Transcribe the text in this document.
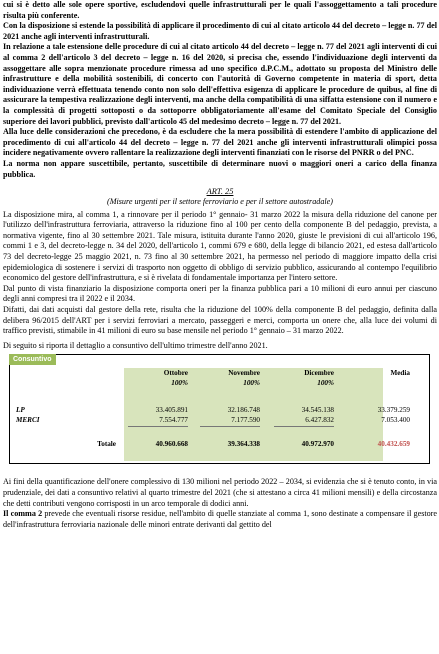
cui si è detto alle sole opere sportive, escludendovi quelle infrastrutturali per le quali l'assoggettamento a tali procedure risulta più conferente.

Con la disposizione si estende la possibilità di applicare il procedimento di cui al citato articolo 44 del decreto – legge n. 77 del 2021 anche agli interventi infrastrutturali.

In relazione a tale estensione delle procedure di cui al citato articolo 44 del decreto – legge n. 77 del 2021 agli interventi di cui al comma 2 dell'articolo 3 del decreto – legge n. 16 del 2020, si precisa che, essendo l'individuazione degli interventi da assoggettare alle sopra menzionate procedure rimessa ad uno specifico d.P.C.M., adottato su proposta del Ministro delle infrastrutture e della mobilità sostenibili, di concerto con l'autorità di Governo competente in materia di sport, detta individuazione verrà effettuata tenendo conto non solo dell'effettiva esigenza di applicare le procedure de quibus, al fine di assicurare la tempestiva realizzazione degli interventi, ma anche della compatibilità di una siffatta estensione con il numero e la complessità di progetti sottoposti o da sottoporre obbligatoriamente all'esame del Comitato Speciale del Consiglio superiore dei lavori pubblici, previsto dall'articolo 45 del medesimo decreto – legge n. 77 del 2021.

Alla luce delle considerazioni che precedono, è da escludere che la mera possibilità di estendere l'ambito di applicazione del procedimento di cui all'articolo 44 del decreto – legge n. 77 del 2021 anche gli interventi infrastrutturali olimpici possa incidere negativamente ovvero rallentare la realizzazione degli interventi finanziati con le risorse del PNRR o del PNC.

La norma non appare suscettibile, pertanto, suscettibile di determinare nuovi o maggiori oneri a carico della finanza pubblica.

ART. 25

(Misure urgenti per il settore ferroviario e per il settore autostradale)

La disposizione mira, al comma 1, a rinnovare per il periodo 1° gennaio- 31 marzo 2022 la misura della riduzione del canone per l'utilizzo dell'infrastruttura ferroviaria, attraverso la riduzione fino al 100 per cento della componente B del pedaggio, prevista, a normativa vigente, fino al 30 settembre 2021. Tale misura, istituita durante l'anno 2020, giuste le previsioni di cui all'articolo 196, commi 1 e 3, del decreto-legge n. 34 del 2020, dell'articolo 1, commi 679 e 680, della legge di bilancio 2021, ed estesa dall'articolo 73 del decreto-legge 25 maggio 2021, n. 73 fino al 30 settembre 2021, ha permesso nel periodo di maggiore impatto della crisi epidemiologica di sostenere i servizi di trasporto non oggetto di obbligo di servizio pubblico, assicurando al contempo l'equilibrio economico del gestore dell'infrastruttura, e si è rivelata di fondamentale importanza per l'intero settore.

Dal punto di vista finanziario la disposizione comporta oneri per la finanza pubblica pari a 10 milioni di euro annui per ciascuno degli anni compresi tra il 2022 e il 2034.

Difatti, dai dati acquisti dal gestore della rete, risulta che la riduzione del 100% della componente B del pedaggio, definita dalla delibera 96/2015 dell'ART per i servizi ferroviari a mercato, passeggeri e merci, comporta un onere che, alla luce dei volumi di traffico previsti, stimabile in 41 milioni di euro su base mensile nel periodo 1° gennaio – 31 marzo 2022.

Di seguito si riporta il dettaglio a consuntivo dell'ultimo trimestre dell'anno 2021.

Consuntivo
Ottobre	Novembre	Dicembre	Media
100%	100%	100%
LP	33.405.891	32.186.748	34.545.138	33.379.259
MERCI	7.554.777	7.177.590	6.427.832	7.053.400
Totale	40.960.668	39.364.338	40.972.970	40.432.659

Ai fini della quantificazione dell'onere complessivo di 130 milioni nel periodo 2022 – 2034, si evidenzia che si è tenuto conto, in via prudenziale, dei dati a consuntivo relativi al quarto trimestre del 2021 (che si attestano a circa 41 milioni mensili) e della circostanza che detti contributi vengono corrisposti in un arco temporale di dodici anni.

Il comma 2 prevede che eventuali risorse residue, nell'ambito di quelle stanziate al comma 1, sono destinate a compensare il gestore dell'infrastruttura ferroviaria nazionale delle minori entrate derivanti dal gettito del
